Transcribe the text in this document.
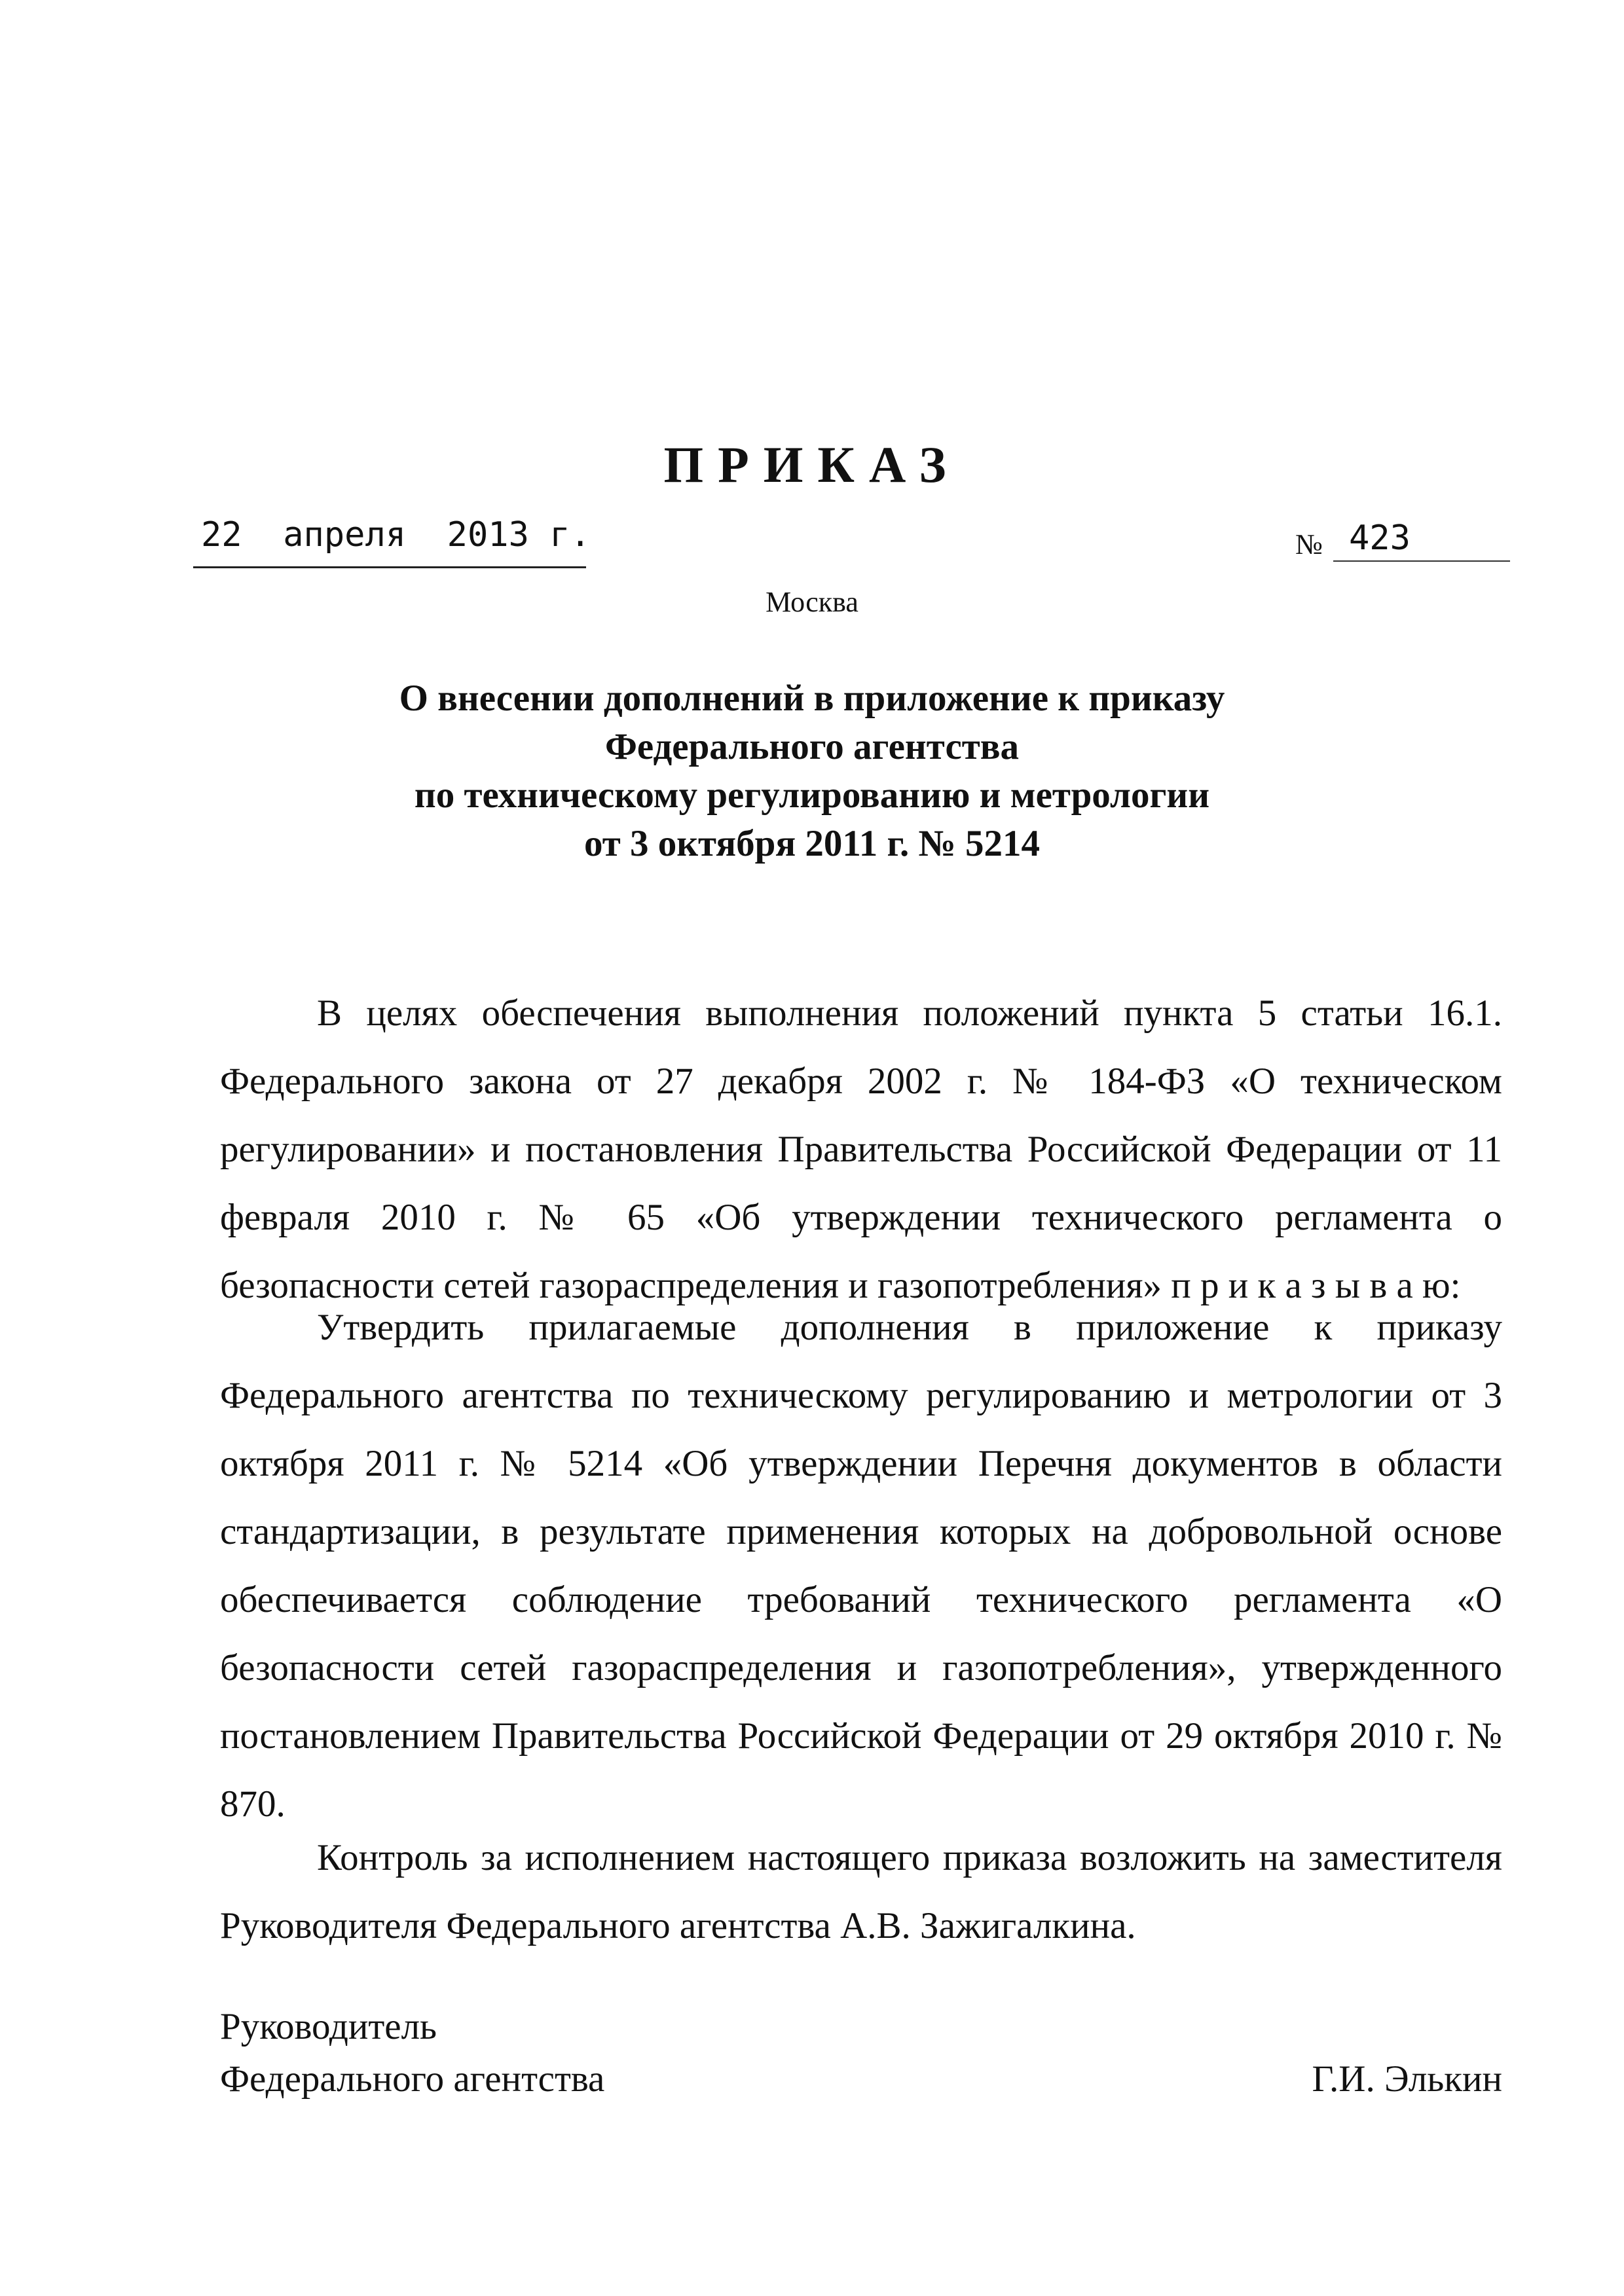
ПРИКАЗ
22  апреля  2013 г.	№ 423
Москва
О внесении дополнений в приложение к приказу
Федерального агентства
по техническому регулированию и метрологии
от 3 октября 2011 г. № 5214

В целях обеспечения выполнения положений пункта 5 статьи 16.1. Федерального закона от 27 декабря 2002 г. № 184-ФЗ «О техническом регулировании» и постановления Правительства Российской Федерации от 11 февраля 2010 г. № 65 «Об утверждении технического регламента о безопасности сетей газораспределения и газопотребления» п р и к а з ы в а ю:

Утвердить прилагаемые дополнения в приложение к приказу Федерального агентства по техническому регулированию и метрологии от 3 октября 2011 г. № 5214 «Об утверждении Перечня документов в области стандартизации, в результате применения которых на добровольной основе обеспечивается соблюдение требований технического регламента «О безопасности сетей газораспределения и газопотребления», утвержденного постановлением Правительства Российской Федерации от 29 октября 2010 г. № 870.

Контроль за исполнением настоящего приказа возложить на заместителя Руководителя Федерального агентства А.В. Зажигалкина.

Руководитель
Федерального агентства	Г.И. Элькин
